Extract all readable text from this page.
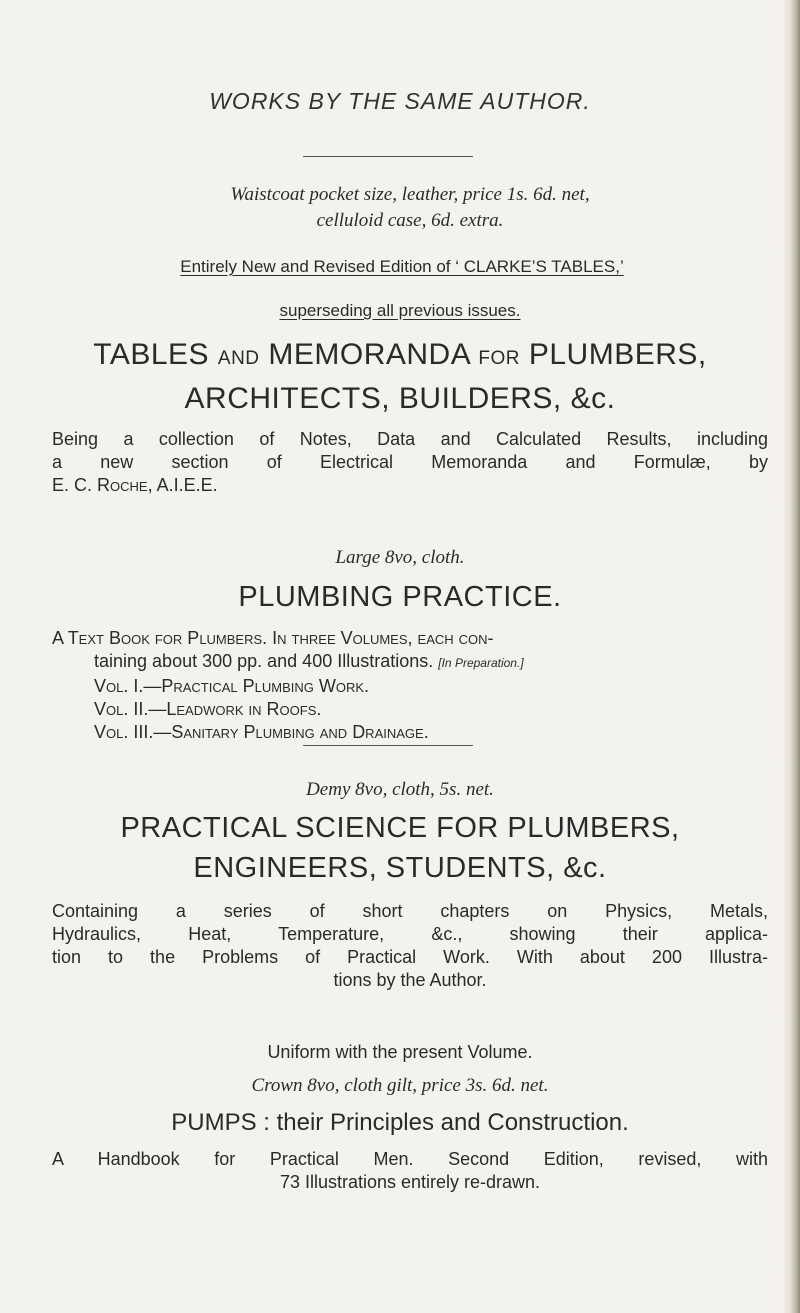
WORKS BY THE SAME AUTHOR.
Waistcoat pocket size, leather, price 1s. 6d. net,
celluloid case, 6d. extra.
Entirely New and Revised Edition of ‘ CLARKE’S TABLES,’
superseding all previous issues.
TABLES AND MEMORANDA FOR PLUMBERS,
ARCHITECTS, BUILDERS, &c.
Being a collection of Notes, Data and Calculated Results, including
a new section of Electrical Memoranda and Formulæ, by
E. C. Roche, A.I.E.E.
Large 8vo, cloth.
PLUMBING PRACTICE.
A Text Book for Plumbers. In three Volumes, each con-
taining about 300 pp. and 400 Illustrations. [In Preparation.]
Vol. I.—Practical Plumbing Work.
Vol. II.—Leadwork in Roofs.
Vol. III.—Sanitary Plumbing and Drainage.
Demy 8vo, cloth, 5s. net.
PRACTICAL SCIENCE FOR PLUMBERS,
ENGINEERS, STUDENTS, &c.
Containing a series of short chapters on Physics, Metals,
Hydraulics, Heat, Temperature, &c., showing their applica-
tion to the Problems of Practical Work. With about 200 Illustra-
tions by the Author.
Uniform with the present Volume.
Crown 8vo, cloth gilt, price 3s. 6d. net.
PUMPS : their Principles and Construction.
A Handbook for Practical Men. Second Edition, revised, with
73 Illustrations entirely re-drawn.
